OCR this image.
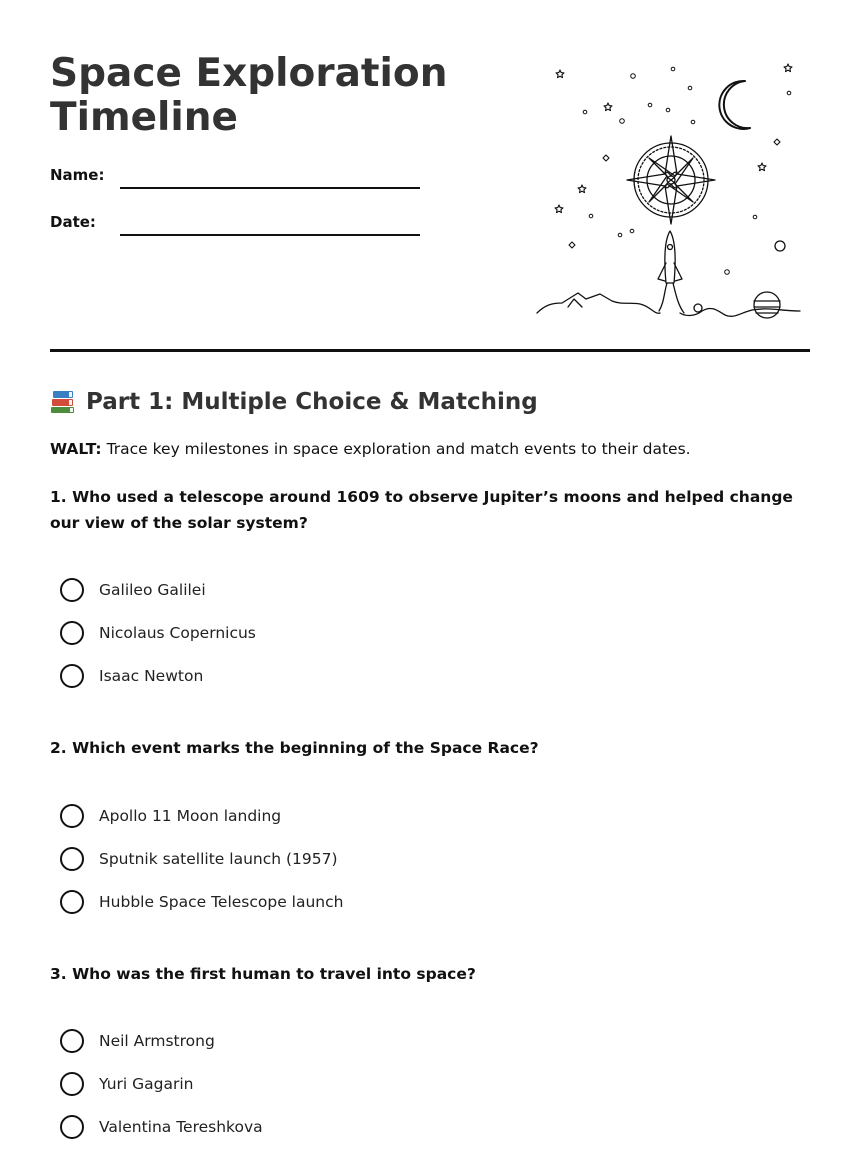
Space Exploration
Timeline
Name:
Date:
Part 1: Multiple Choice & Matching
WALT: Trace key milestones in space exploration and match events to their dates.
1. Who used a telescope around 1609 to observe Jupiter’s moons and helped change our view of the solar system?
Galileo Galilei
Nicolaus Copernicus
Isaac Newton
2. Which event marks the beginning of the Space Race?
Apollo 11 Moon landing
Sputnik satellite launch (1957)
Hubble Space Telescope launch
3. Who was the first human to travel into space?
Neil Armstrong
Yuri Gagarin
Valentina Tereshkova
